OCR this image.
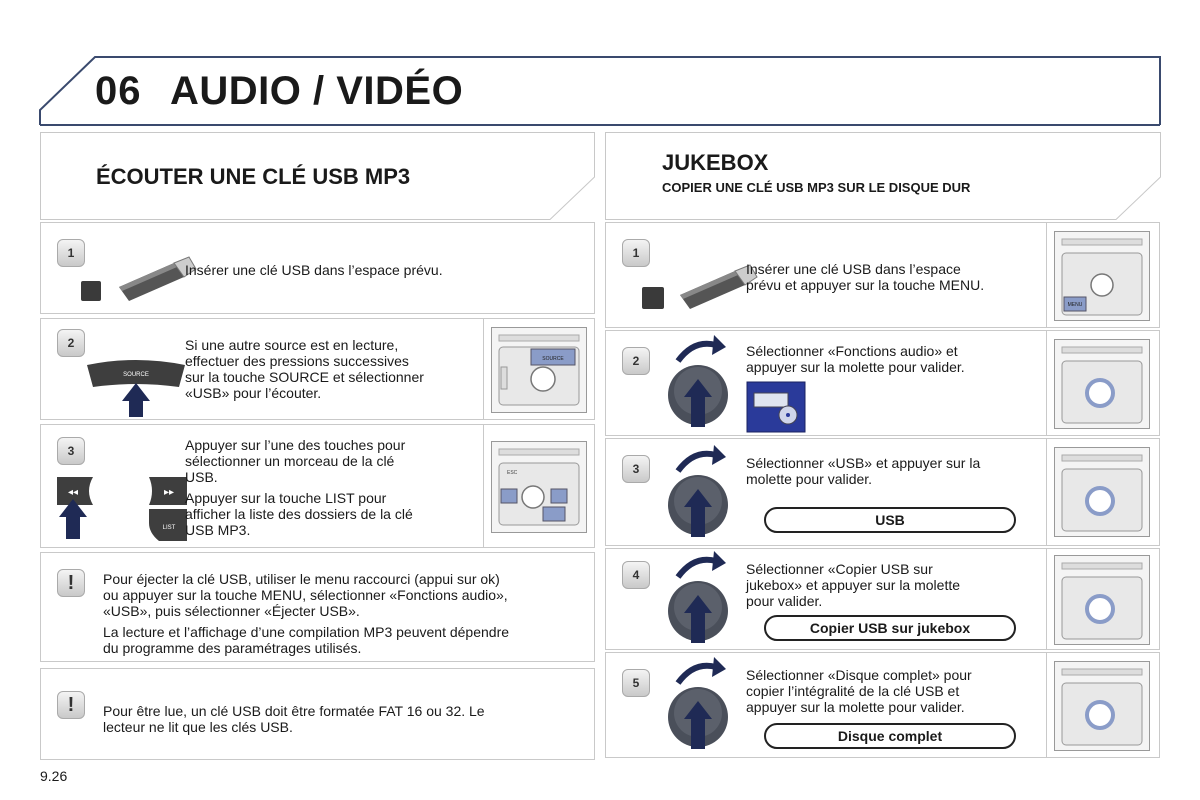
06 AUDIO / VIDÉO
ÉCOUTER UNE CLÉ USB MP3
1
Insérer une clé USB dans l’espace prévu.
2
SOURCE
Si une autre source est en lecture,
effectuer des pressions successives
sur la touche SOURCE et sélectionner
«USB» pour l’écouter.
SOURCE
3
◂◂	▸▸
LIST
Appuyer sur l’une des touches pour
sélectionner un morceau de la clé
USB.
Appuyer sur la touche LIST pour
afficher la liste des dossiers de la clé
USB MP3.
ESC
!	Pour éjecter la clé USB, utiliser le menu raccourci (appui sur ok)
ou appuyer sur la touche MENU, sélectionner «Fonctions audio»,
«USB», puis sélectionner «Éjecter USB».
La lecture et l’affichage d’une compilation MP3 peuvent dépendre
du programme des paramétrages utilisés.
!	Pour être lue, un clé USB doit être formatée FAT 16 ou 32. Le
lecteur ne lit que les clés USB.
JUKEBOX
COPIER UNE CLÉ USB MP3 SUR LE DISQUE DUR
1
Insérer une clé USB dans l’espace
prévu et appuyer sur la touche MENU.
MENU
2
Sélectionner «Fonctions audio» et
appuyer sur la molette pour valider.
3	Sélectionner «USB» et appuyer sur la
molette pour valider.
USB
4	Sélectionner «Copier USB sur
jukebox» et appuyer sur la molette
pour valider.
Copier USB sur jukebox
5	Sélectionner «Disque complet» pour
copier l’intégralité de la clé USB et
appuyer sur la molette pour valider.
Disque complet
9.26
